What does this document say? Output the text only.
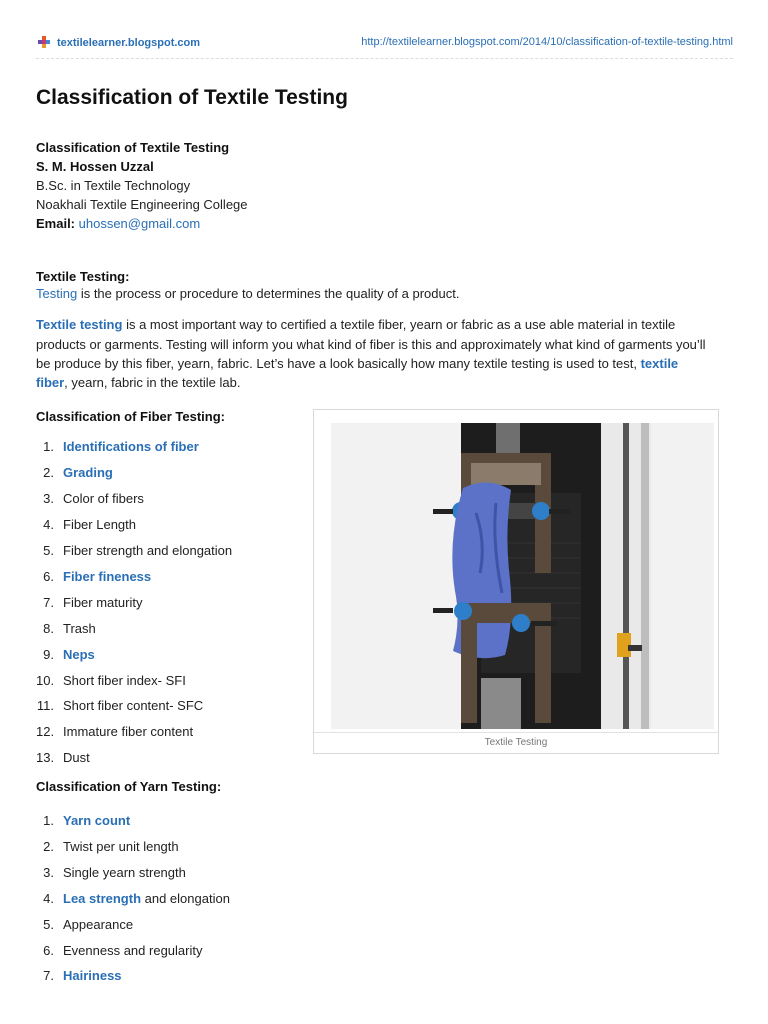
textilelearner.blogspot.com	http://textilelearner.blogspot.com/2014/10/classification-of-textile-testing.html
Classification of Textile Testing

Classification of Textile Testing

S. M. Hossen Uzzal

B.Sc. in Textile Technology

Noakhali Textile Engineering College

Email: uhossen@gmail.com

Textile Testing:

Testing is the process or procedure to determines the quality of a product.

Textile testing is a most important way to certified a textile fiber, yearn or fabric as a use able material in textile
products or garments. Testing will inform you what kind of fiber is this and approximately what kind of garments you’ll
be produce by this fiber, yearn, fabric. Let’s have a look basically how many textile testing is used to test, textile
fiber, yearn, fabric in the textile lab.

Classification of Fiber Testing:

1. Identifications of fiber
2. Grading
3. Color of fibers
4. Fiber Length
5. Fiber strength and elongation
6. Fiber fineness
7. Fiber maturity
8. Trash
9. Neps
10. Short fiber index- SFI
11. Short fiber content- SFC
12. Immature fiber content
13. Dust

Classification of Yarn Testing:

1. Yarn count
2. Twist per unit length
3. Single yearn strength
4. Lea strength and elongation
5. Appearance
6. Evenness and regularity
7. Hairiness
Textile Testing
